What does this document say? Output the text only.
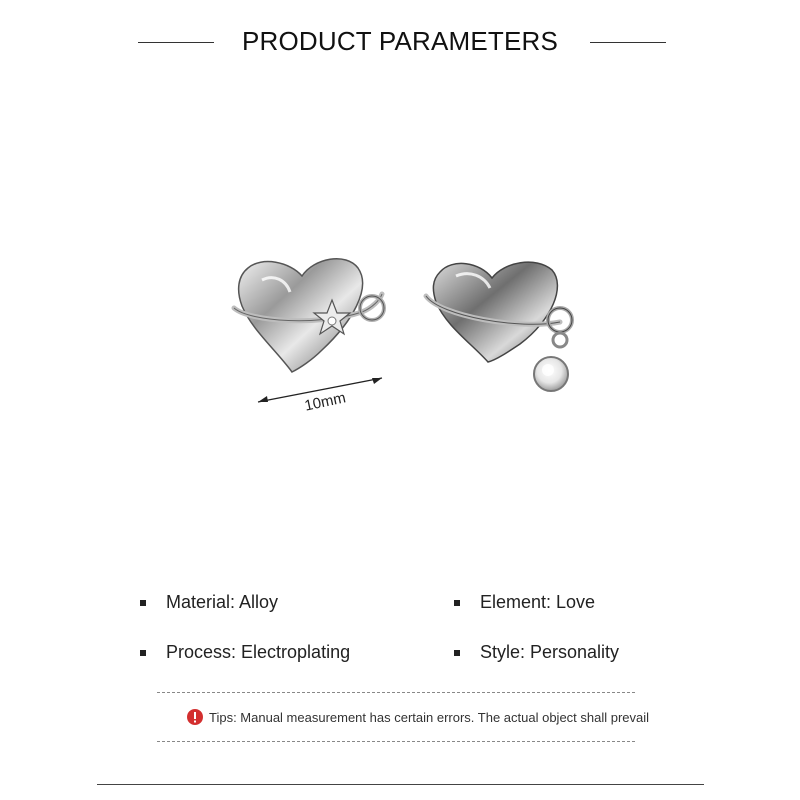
PRODUCT PARAMETERS
10mm
Material: Alloy	Element: Love
Process: Electroplating	Style: Personality
Tips: Manual measurement has certain errors. The actual object shall prevail
